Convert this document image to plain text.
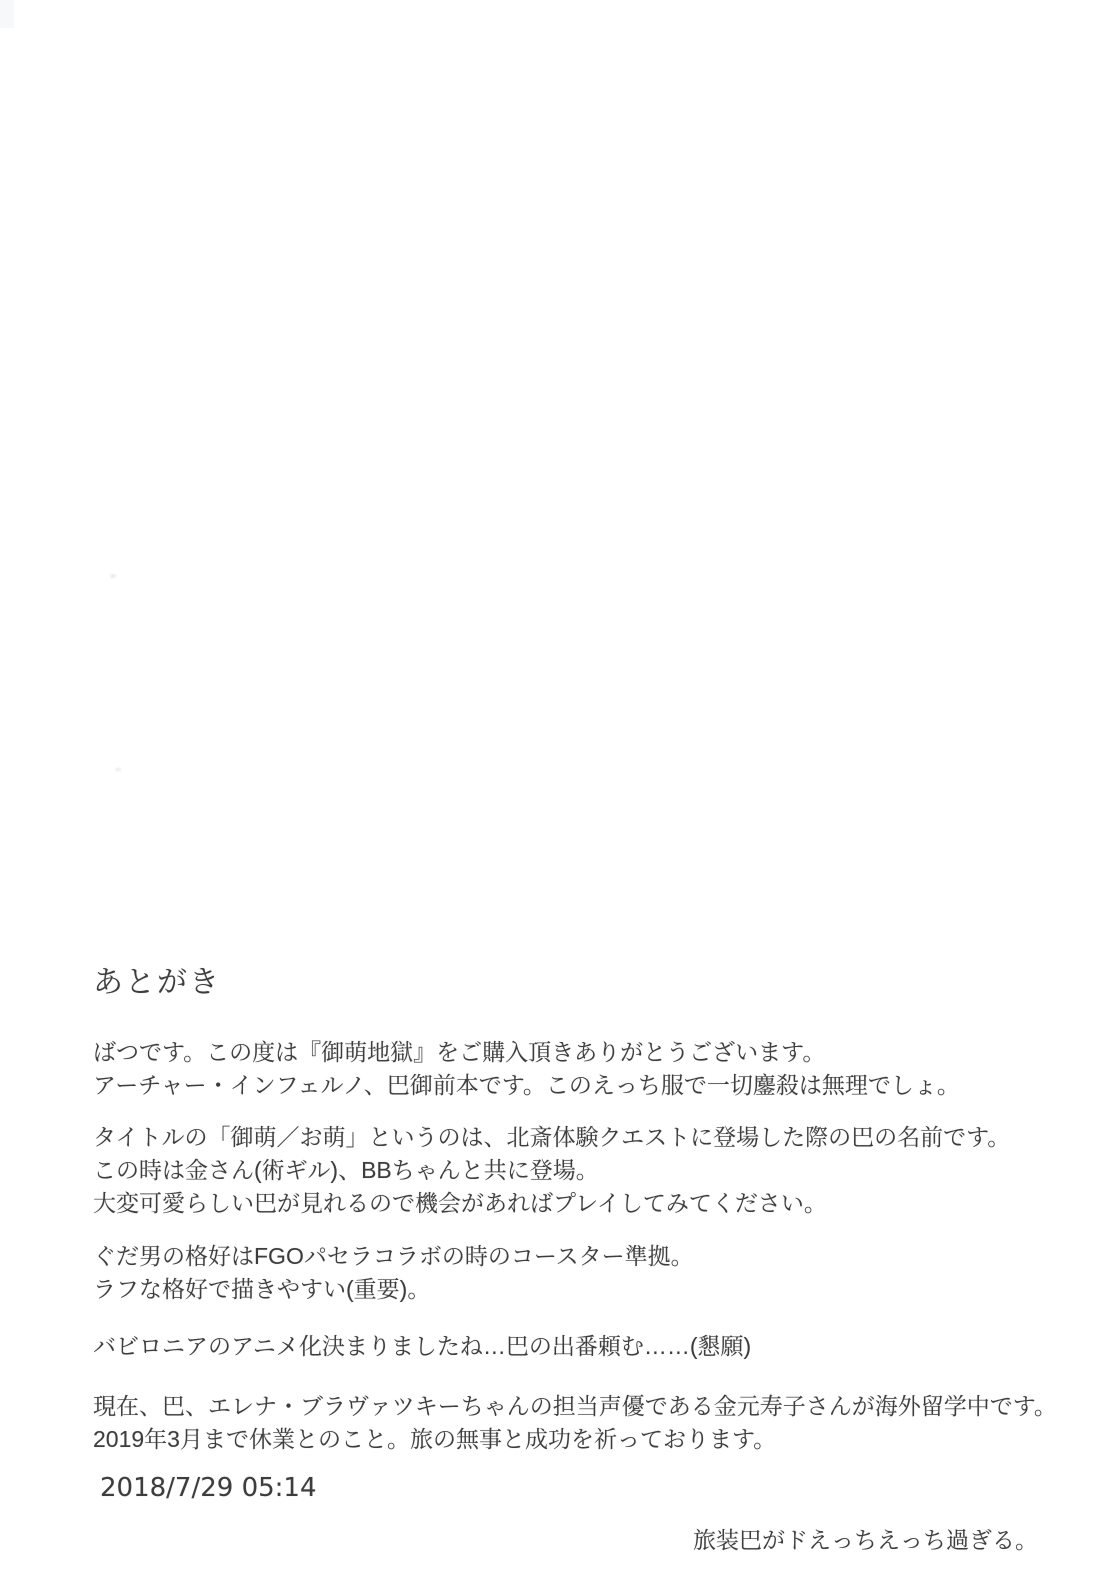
あとがき
ばつです。この度は『御萌地獄』をご購入頂きありがとうございます。
アーチャー・インフェルノ、巴御前本です。このえっち服で一切鏖殺は無理でしょ。
タイトルの「御萌／お萌」というのは、北斎体験クエストに登場した際の巴の名前です。
この時は金さん(術ギル)、BBちゃんと共に登場。
大変可愛らしい巴が見れるので機会があればプレイしてみてください。
ぐだ男の格好はFGOパセラコラボの時のコースター準拠。
ラフな格好で描きやすい(重要)。
バビロニアのアニメ化決まりましたね…巴の出番頼む……(懇願)
現在、巴、エレナ・ブラヴァツキーちゃんの担当声優である金元寿子さんが海外留学中です。
2019年3月まで休業とのこと。旅の無事と成功を祈っております。
2018/7/29 05:14
旅装巴がドえっちえっち過ぎる。
